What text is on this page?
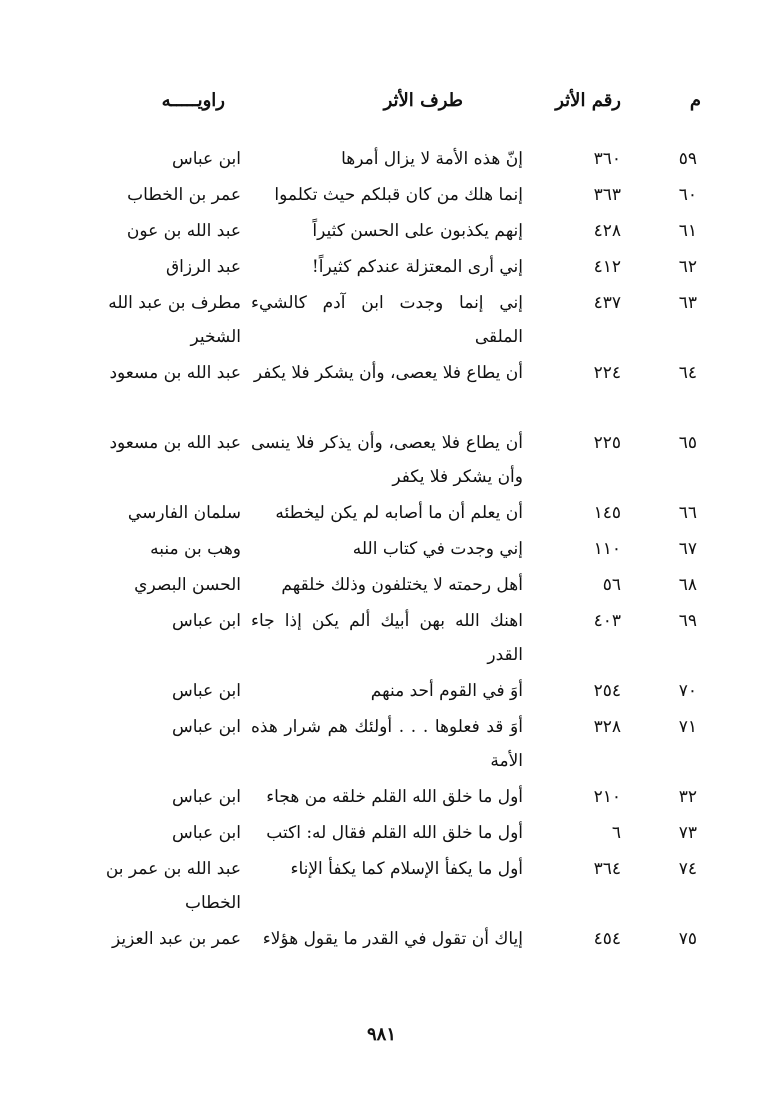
م
رقم الأثر
طرف الأثر
راويـــــه
٥٩
٣٦٠
إنّ هذه الأمة لا يزال أمرها
ابن عباس
٦٠
٣٦٣
إنما هلك من كان قبلكم حيث تكلموا
عمر بن الخطاب
٦١
٤٢٨
إنهم يكذبون على الحسن كثيراً
عبد الله بن عون
٦٢
٤١٢
إني أرى المعتزلة عندكم كثيراً!
عبد الرزاق
٦٣
٤٣٧
إني إنما وجدت ابن آدم كالشيء الملقى
مطرف بن عبد الله الشخير
٦٤
٢٢٤
أن يطاع فلا يعصى، وأن يشكر فلا يكفر
عبد الله بن مسعود
٦٥
٢٢٥
أن يطاع فلا يعصى، وأن يذكر فلا ينسى وأن يشكر فلا يكفر
عبد الله بن مسعود
٦٦
١٤٥
أن يعلم أن ما أصابه لم يكن ليخطئه
سلمان الفارسي
٦٧
١١٠
إني وجدت في كتاب الله
وهب بن منبه
٦٨
٥٦
أهل رحمته لا يختلفون وذلك خلقهم
الحسن البصري
٦٩
٤٠٣
اهنك الله بهن أبيك ألم يكن إذا جاء القدر
ابن عباس
٧٠
٢٥٤
أوَ في القوم أحد منهم
ابن عباس
٧١
٣٢٨
أوَ قد فعلوها . . . أولئك هم شرار هذه الأمة
ابن عباس
٣٢
٢١٠
أول ما خلق الله القلم خلقه من هجاء
ابن عباس
٧٣
٦
أول ما خلق الله القلم فقال له: اكتب
ابن عباس
٧٤
٣٦٤
أول ما يكفأ الإسلام كما يكفأ الإناء
عبد الله بن عمر بن الخطاب
٧٥
٤٥٤
إياك أن تقول في القدر ما يقول هؤلاء
عمر بن عبد العزيز
٩٨١
